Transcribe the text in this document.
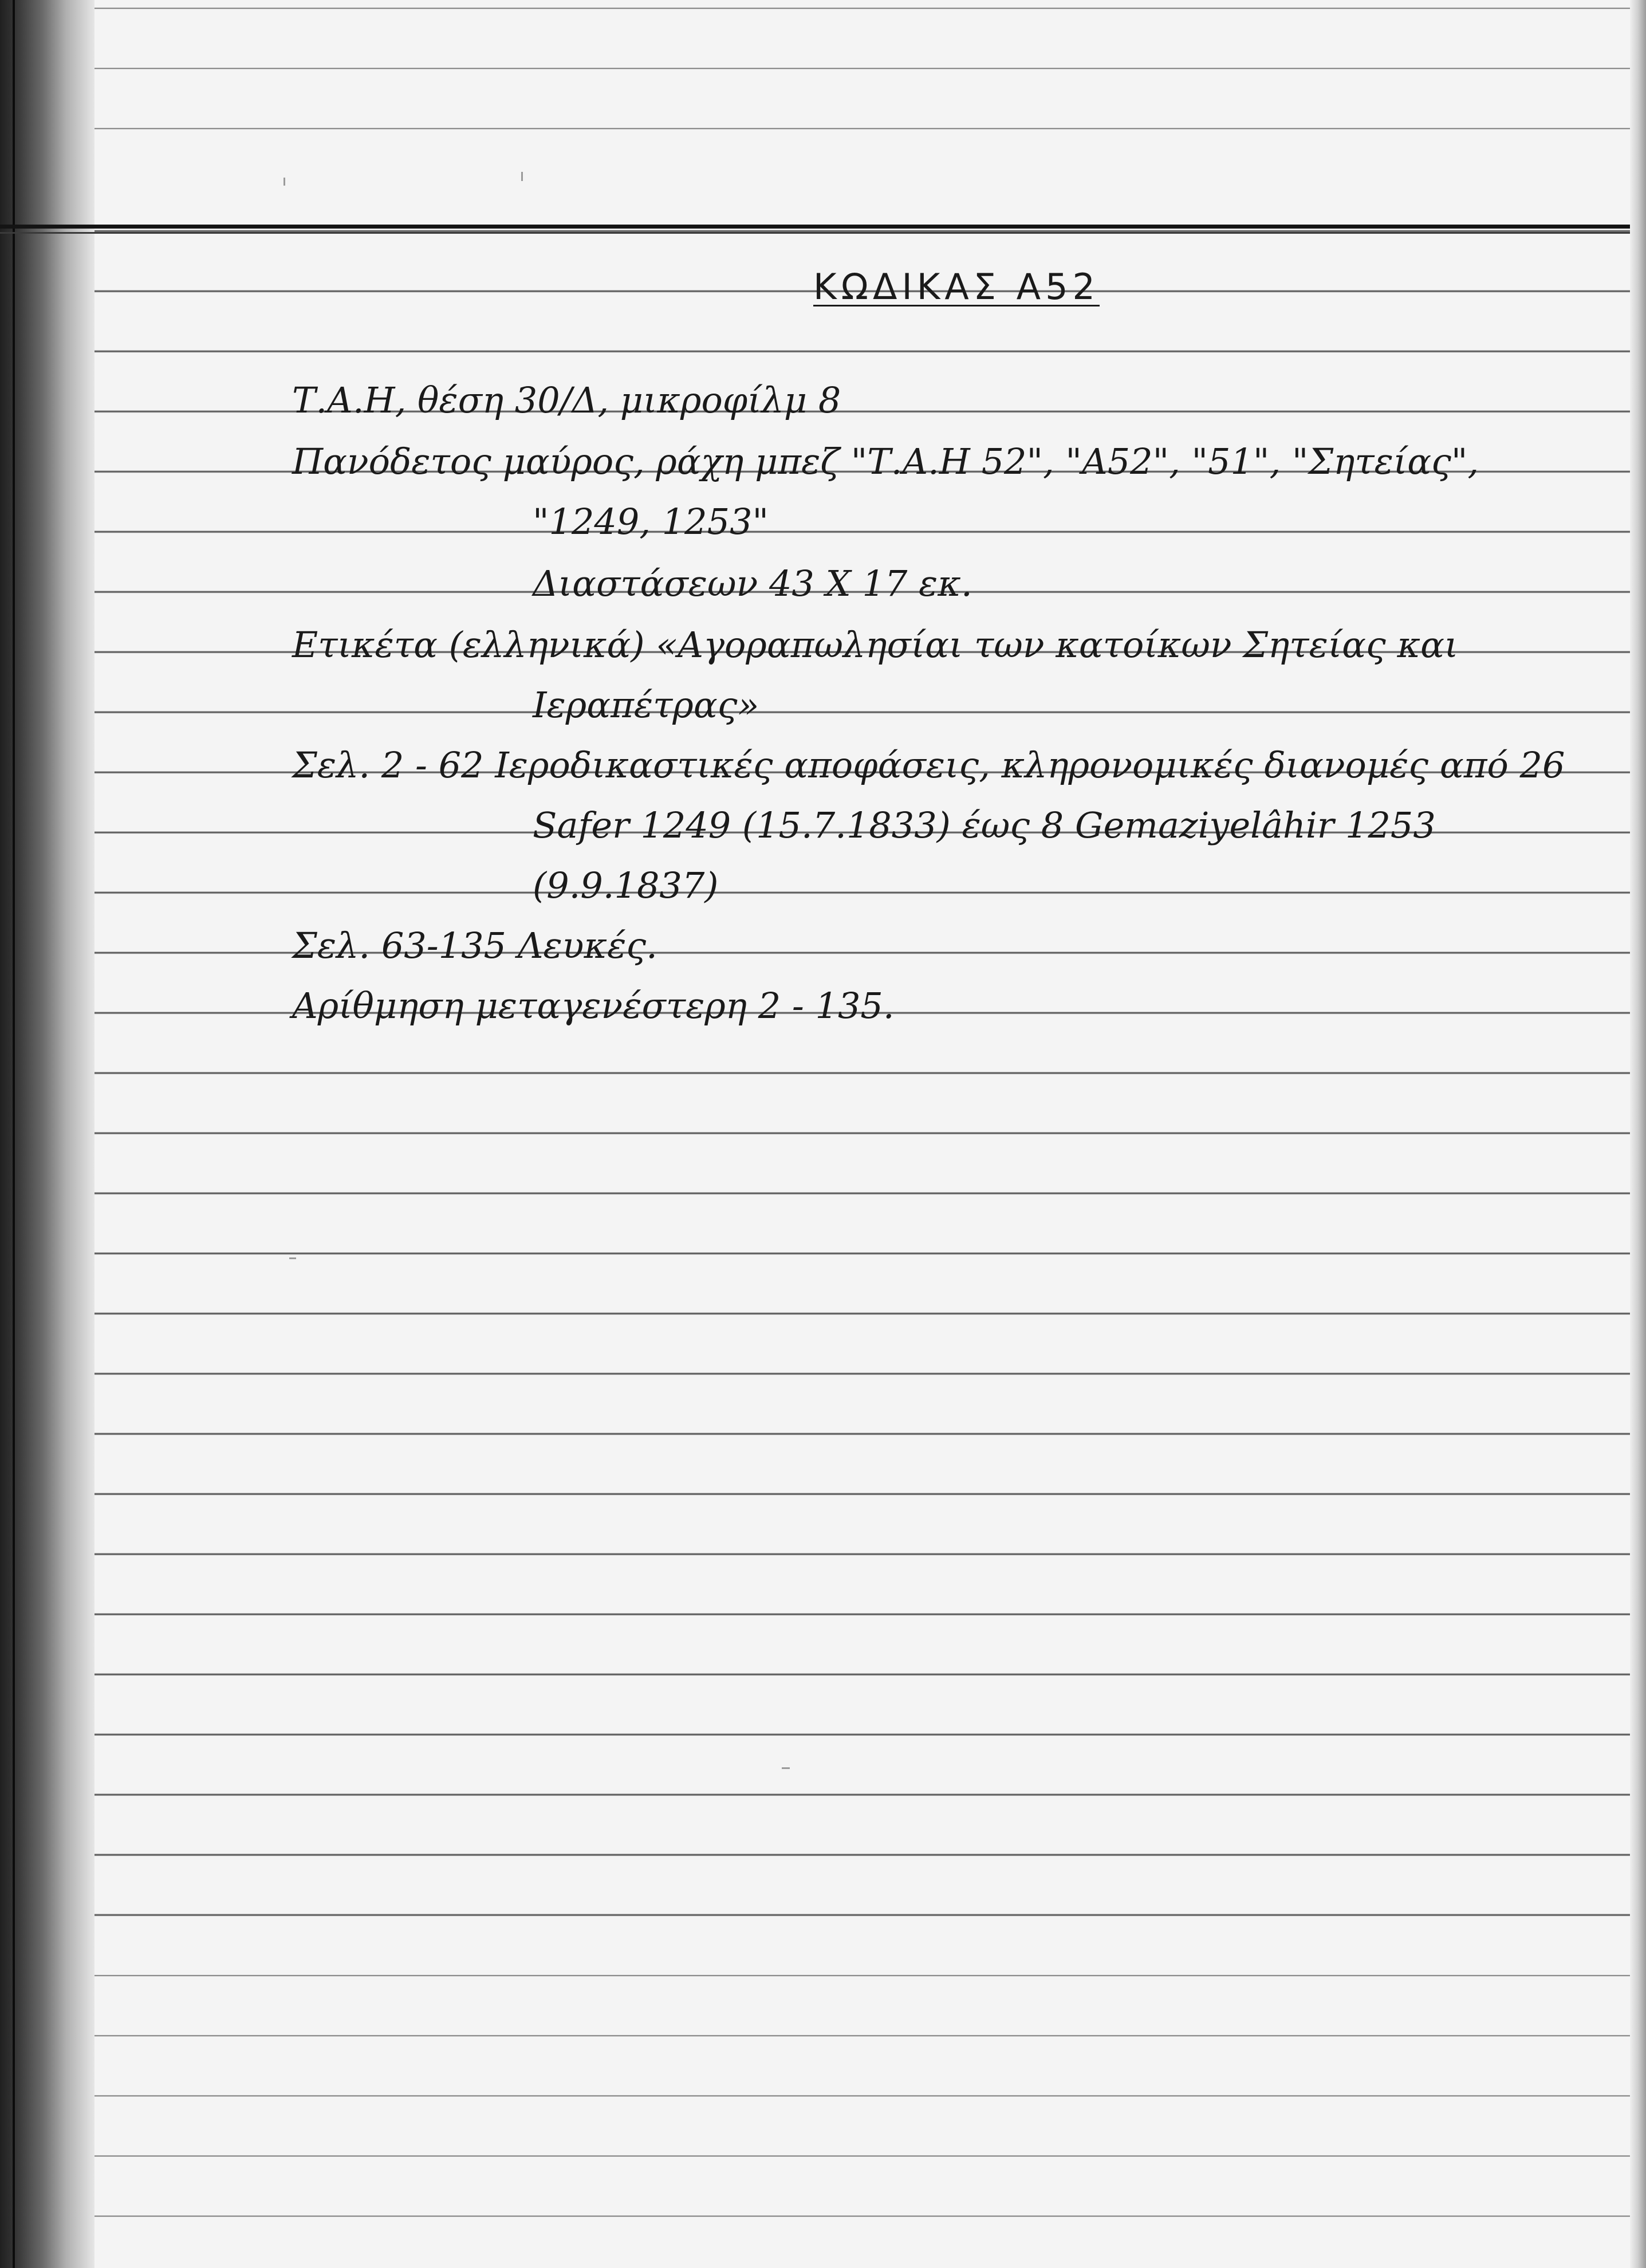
ΚΩΔΙΚΑΣ Α52
Τ.Α.Η, θέση 30/Δ, μικροφίλμ 8
Πανόδετος μαύρος, ράχη μπεζ "Τ.Α.Η 52", "Α52", "51", "Σητείας",
"1249, 1253"
Διαστάσεων 43 Χ 17 εκ.
Ετικέτα (ελληνικά) «Αγοραπωλησίαι των κατοίκων Σητείας και
Ιεραπέτρας»
Σελ. 2 - 62 Ιεροδικαστικές αποφάσεις, κληρονομικές διανομές από 26
Safer 1249 (15.7.1833) έως 8 Gemaziyelâhir 1253
(9.9.1837)
Σελ. 63-135 Λευκές.
Αρίθμηση μεταγενέστερη 2 - 135.
